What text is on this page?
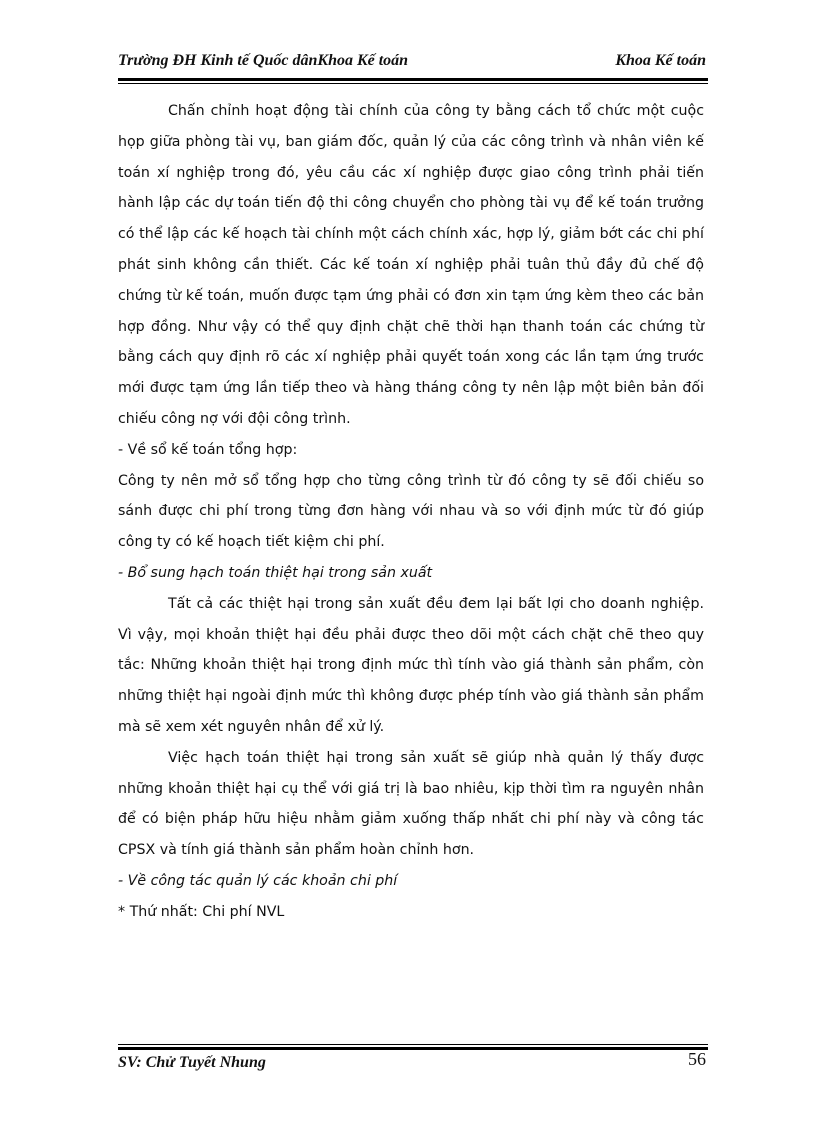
Trường ĐH Kinh tế Quốc dânKhoa Kế toán	Khoa Kế toán

Chấn chỉnh hoạt động tài chính của công ty bằng cách tổ chức một cuộc họp giữa phòng tài vụ, ban giám đốc, quản lý của các công trình và nhân viên kế toán xí nghiệp trong đó, yêu cầu các xí nghiệp được giao công trình phải tiến hành lập các dự toán tiến độ thi công chuyển cho phòng tài vụ để kế toán trưởng có thể lập các kế hoạch tài chính một cách chính xác, hợp lý, giảm bớt các chi phí phát sinh không cần thiết. Các kế toán xí nghiệp phải tuân thủ đầy đủ chế độ chứng từ kế toán, muốn được tạm ứng phải có đơn xin tạm ứng kèm theo các bản hợp đồng. Như vậy có thể quy định chặt chẽ thời hạn thanh toán các chứng từ bằng cách quy định rõ các xí nghiệp phải quyết toán xong các lần tạm ứng trước mới được tạm ứng lần tiếp theo và hàng tháng công ty nên lập một biên bản đối chiếu công nợ với đội công trình.

- Về sổ kế toán tổng hợp:

Công ty nên mở sổ tổng hợp cho từng công trình từ đó công ty sẽ đối chiếu so sánh được chi phí trong từng đơn hàng với nhau và so với định mức từ đó giúp công ty có kế hoạch tiết kiệm chi phí.

- Bổ sung hạch toán thiệt hại trong sản xuất

Tất cả các thiệt hại trong sản xuất đều đem lại bất lợi cho doanh nghiệp. Vì vậy, mọi khoản thiệt hại đều phải được theo dõi một cách chặt chẽ theo quy tắc: Những khoản thiệt hại trong định mức thì tính vào giá thành sản phẩm, còn những thiệt hại ngoài định mức thì không được phép tính vào giá thành sản phẩm mà sẽ xem xét nguyên nhân để xử lý.

Việc hạch toán thiệt hại trong sản xuất sẽ giúp nhà quản lý thấy được những khoản thiệt hại cụ thể với giá trị là bao nhiêu, kịp thời tìm ra nguyên nhân để có biện pháp hữu hiệu nhằm giảm xuống thấp nhất chi phí này và công tác CPSX và tính giá thành sản phẩm hoàn chỉnh hơn.

- Về công tác quản lý các khoản chi phí

* Thứ nhất: Chi phí NVL

SV: Chử Tuyết Nhung	56
